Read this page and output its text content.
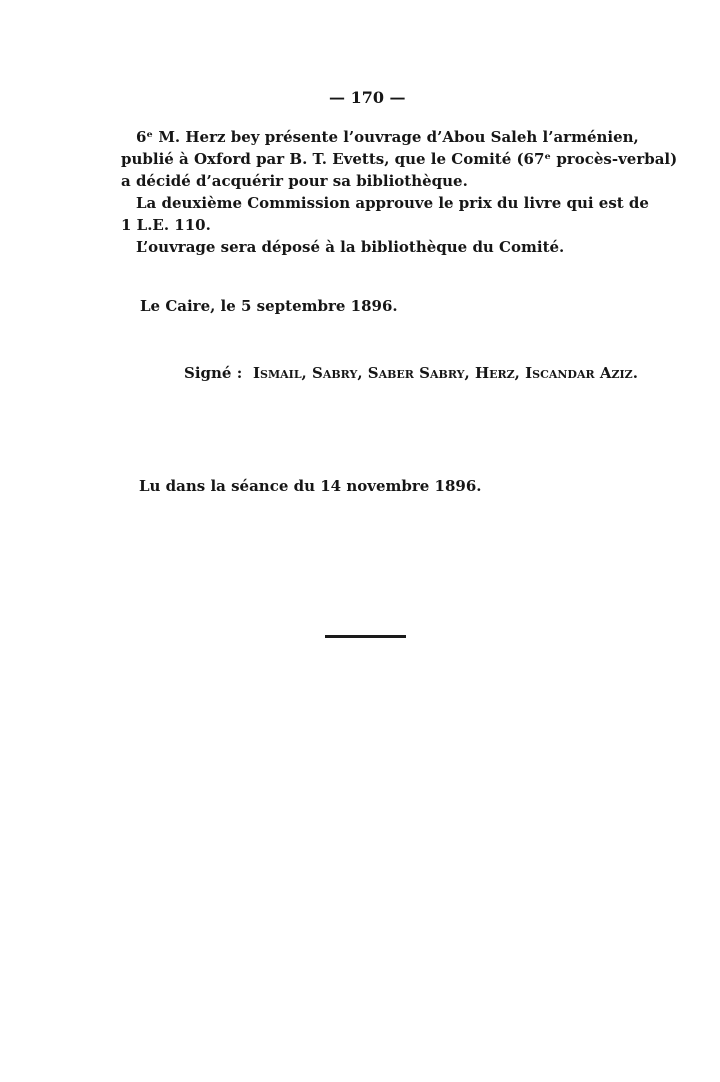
— 170 —
6ᵉ M. Herz bey présente l’ouvrage d’Abou Saleh l’arménien,
publié à Oxford par B. T. Evetts, que le Comité (67ᵉ procès-verbal)
a décidé d’acquérir pour sa bibliothèque.
La deuxième Commission approuve le prix du livre qui est de
1 L.E. 110.
L’ouvrage sera déposé à la bibliothèque du Comité.
Le Caire, le 5 septembre 1896.
Signé : Ismail, Sabry, Saber Sabry, Herz, Iscandar Aziz.
Lu dans la séance du 14 novembre 1896.
